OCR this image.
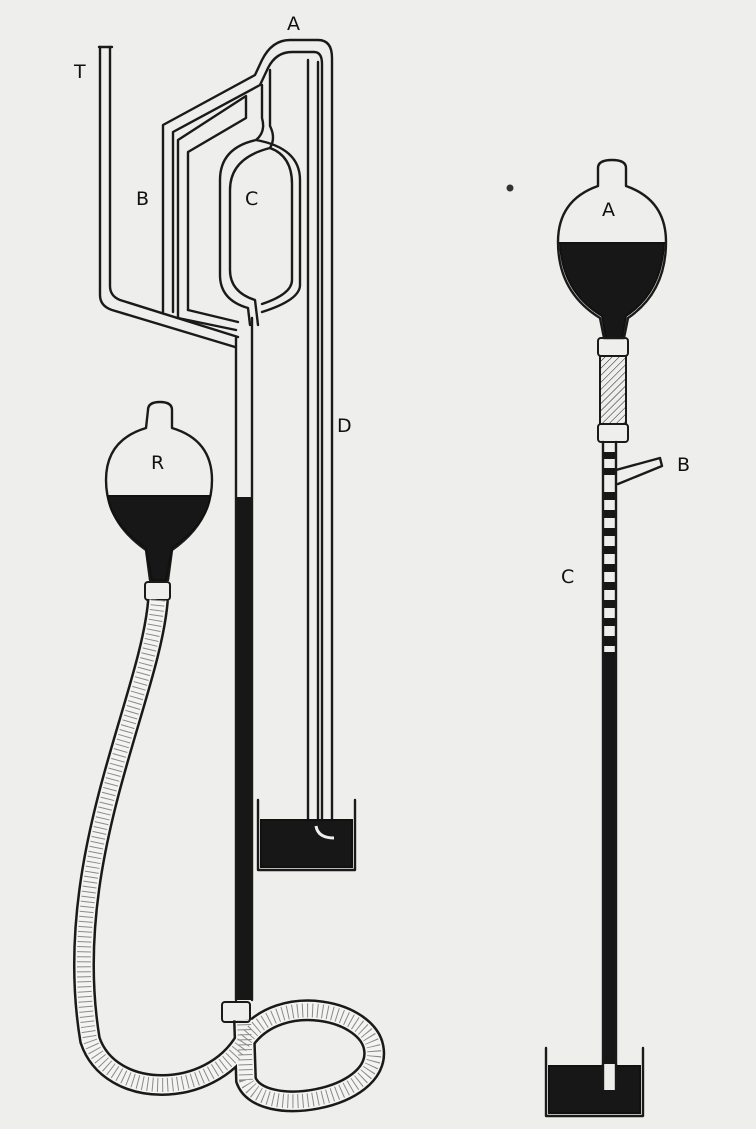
T
A
B	C
D
R
A
B
C
